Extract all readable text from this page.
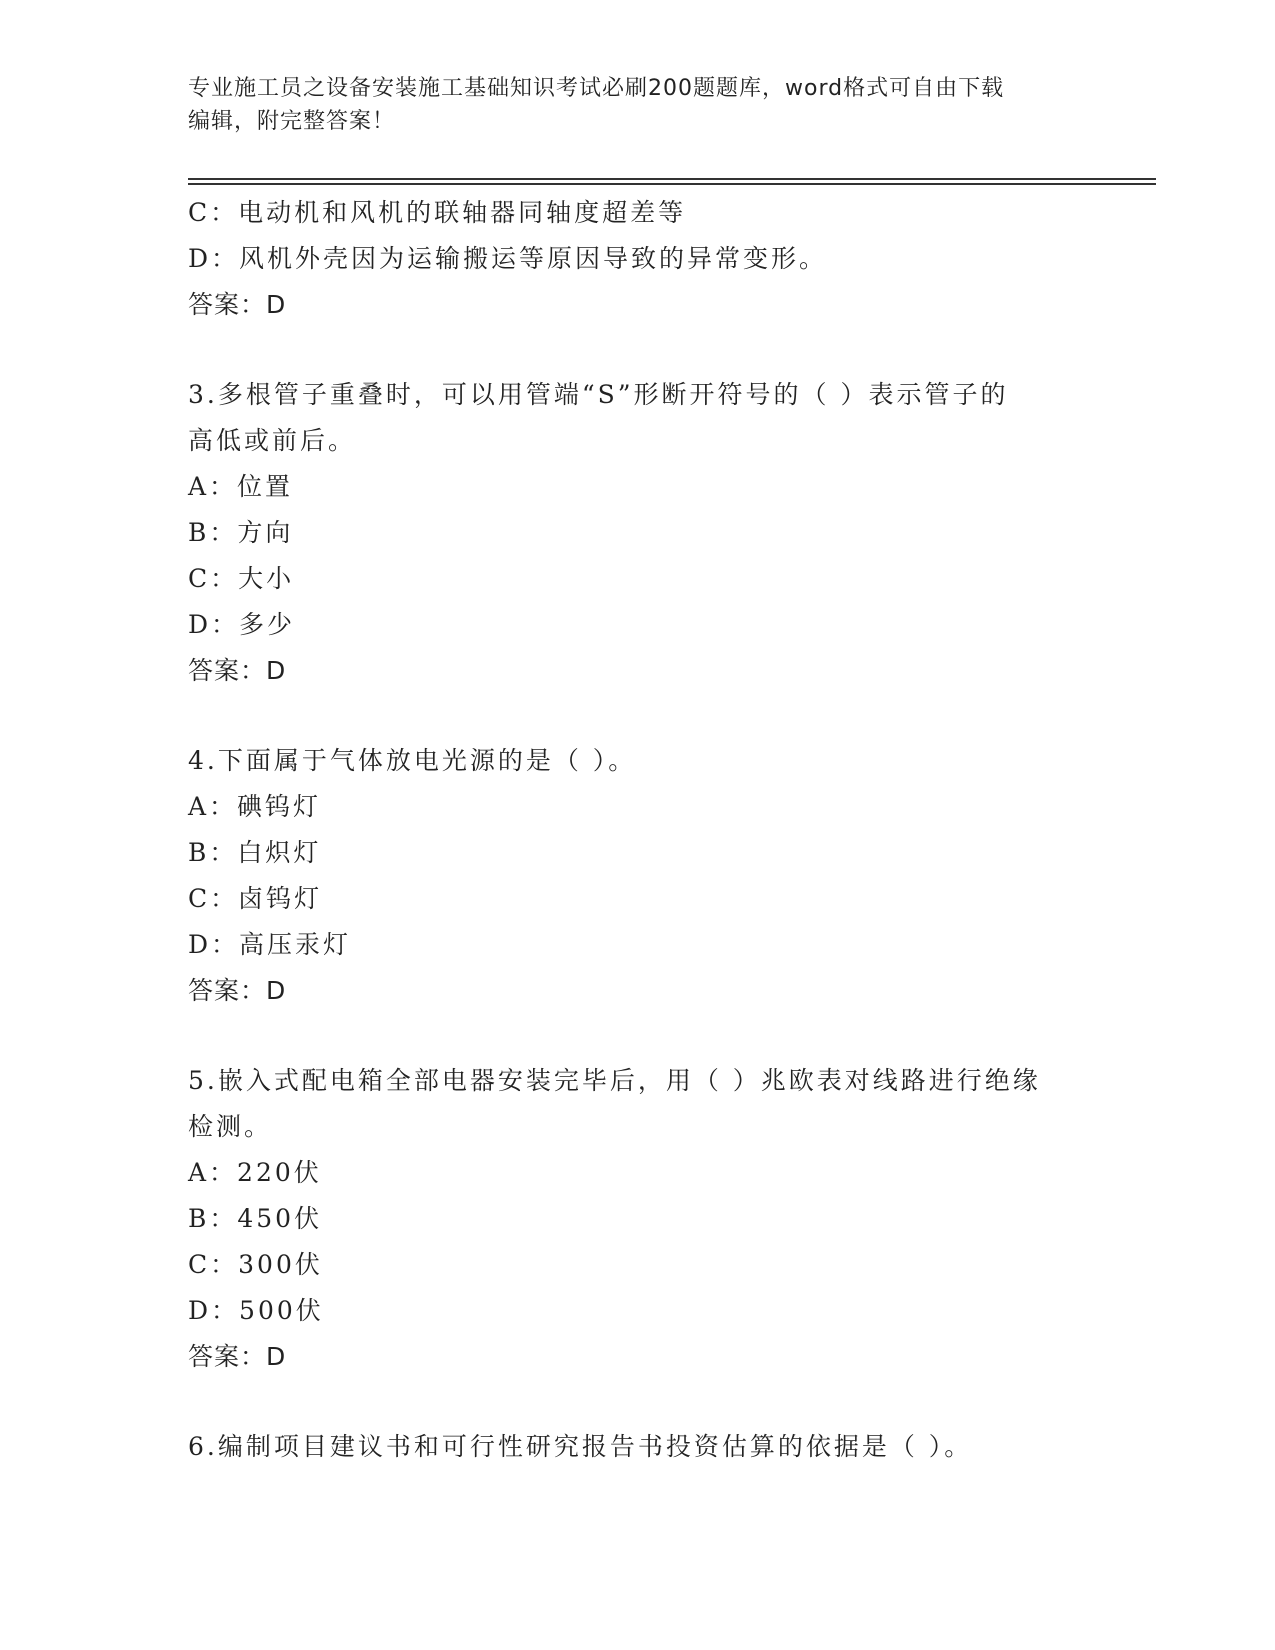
专业施工员之设备安装施工基础知识考试必刷200题题库，word格式可自由下载
编辑，附完整答案！
C：电动机和风机的联轴器同轴度超差等
D：风机外壳因为运输搬运等原因导致的异常变形。
答案：D
3.多根管子重叠时，可以用管端“S”形断开符号的（ ）表示管子的
高低或前后。
A：位置
B：方向
C：大小
D：多少
答案：D
4.下面属于气体放电光源的是（ ）。
A：碘钨灯
B：白炽灯
C：卤钨灯
D：高压汞灯
答案：D
5.嵌入式配电箱全部电器安装完毕后，用（ ）兆欧表对线路进行绝缘
检测。
A：220伏
B：450伏
C：300伏
D：500伏
答案：D
6.编制项目建议书和可行性研究报告书投资估算的依据是（ ）。
